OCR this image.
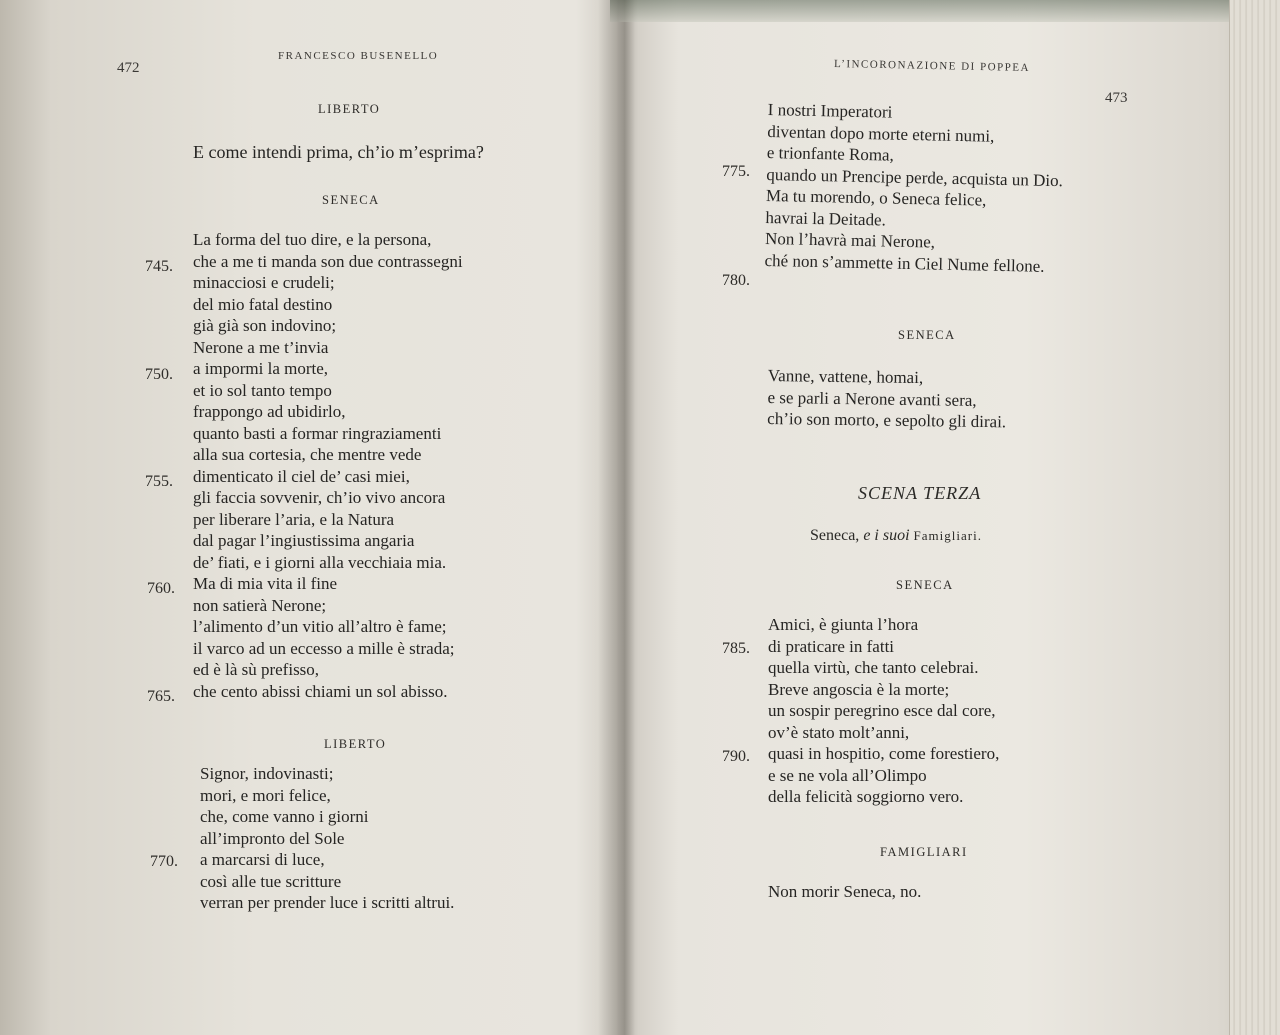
472
FRANCESCO BUSENELLO
LIBERTO
E come intendi prima, ch’io m’esprima?
SENECA
La forma del tuo dire, e la persona,
che a me ti manda son due contrassegni
minacciosi e crudeli;
del mio fatal destino
già già son indovino;
Nerone a me t’invia
a impormi la morte,
et io sol tanto tempo
frappongo ad ubidirlo,
quanto basti a formar ringraziamenti
alla sua cortesia, che mentre vede
dimenticato il ciel de’ casi miei,
gli faccia sovvenir, ch’io vivo ancora
per liberare l’aria, e la Natura
dal pagar l’ingiustissima angaria
de’ fiati, e i giorni alla vecchiaia mia.
Ma di mia vita il fine
non satierà Nerone;
l’alimento d’un vitio all’altro è fame;
il varco ad un eccesso a mille è strada;
ed è là sù prefisso,
che cento abissi chiami un sol abisso.
745.
750.
755.
760.
765.
LIBERTO
Signor, indovinasti;
mori, e mori felice,
che, come vanno i giorni
all’impronto del Sole
a marcarsi di luce,
così alle tue scritture
verran per prender luce i scritti altrui.
770.
L’INCORONAZIONE DI POPPEA
473
I nostri Imperatori
diventan dopo morte eterni numi,
e trionfante Roma,
quando un Prencipe perde, acquista un Dio.
Ma tu morendo, o Seneca felice,
havrai la Deitade.
Non l’havrà mai Nerone,
ché non s’ammette in Ciel Nume fellone.
775.
780.
SENECA
Vanne, vattene, homai,
e se parli a Nerone avanti sera,
ch’io son morto, e sepolto gli dirai.
SCENA TERZA
Seneca, e i suoi Famigliari.
SENECA
Amici, è giunta l’hora
di praticare in fatti
quella virtù, che tanto celebrai.
Breve angoscia è la morte;
un sospir peregrino esce dal core,
ov’è stato molt’anni,
quasi in hospitio, come forestiero,
e se ne vola all’Olimpo
della felicità soggiorno vero.
785.
790.
FAMIGLIARI
Non morir Seneca, no.
